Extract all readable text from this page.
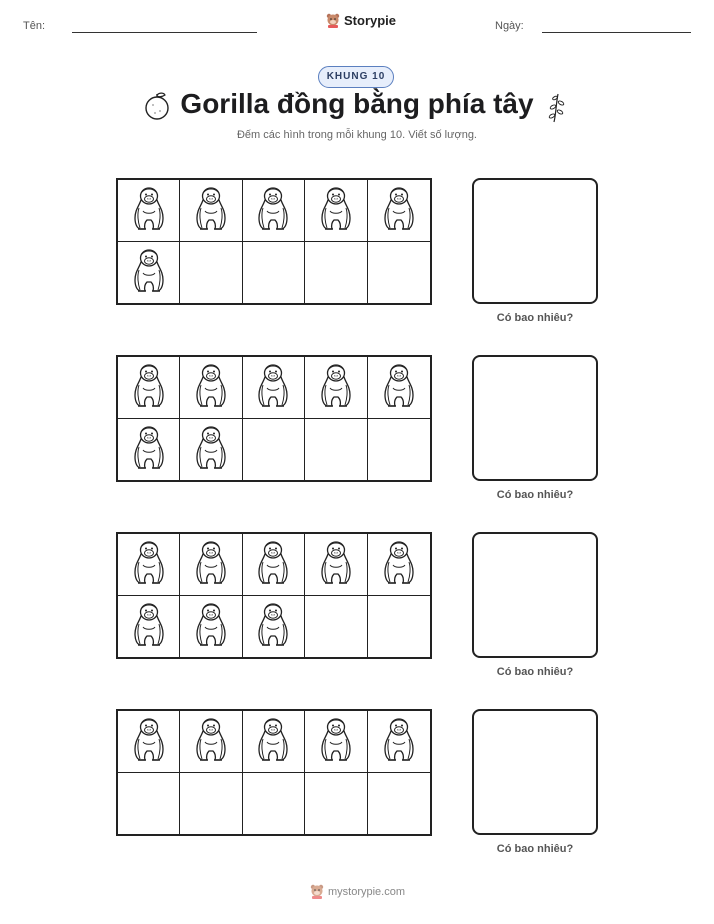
Tên:	Storypie	Ngày:
KHUNG 10
Gorilla đồng bằng phía tây
Đếm các hình trong mỗi khung 10. Viết số lượng.
Có bao nhiêu?
Có bao nhiêu?
Có bao nhiêu?
Có bao nhiêu?
mystorypie.com
